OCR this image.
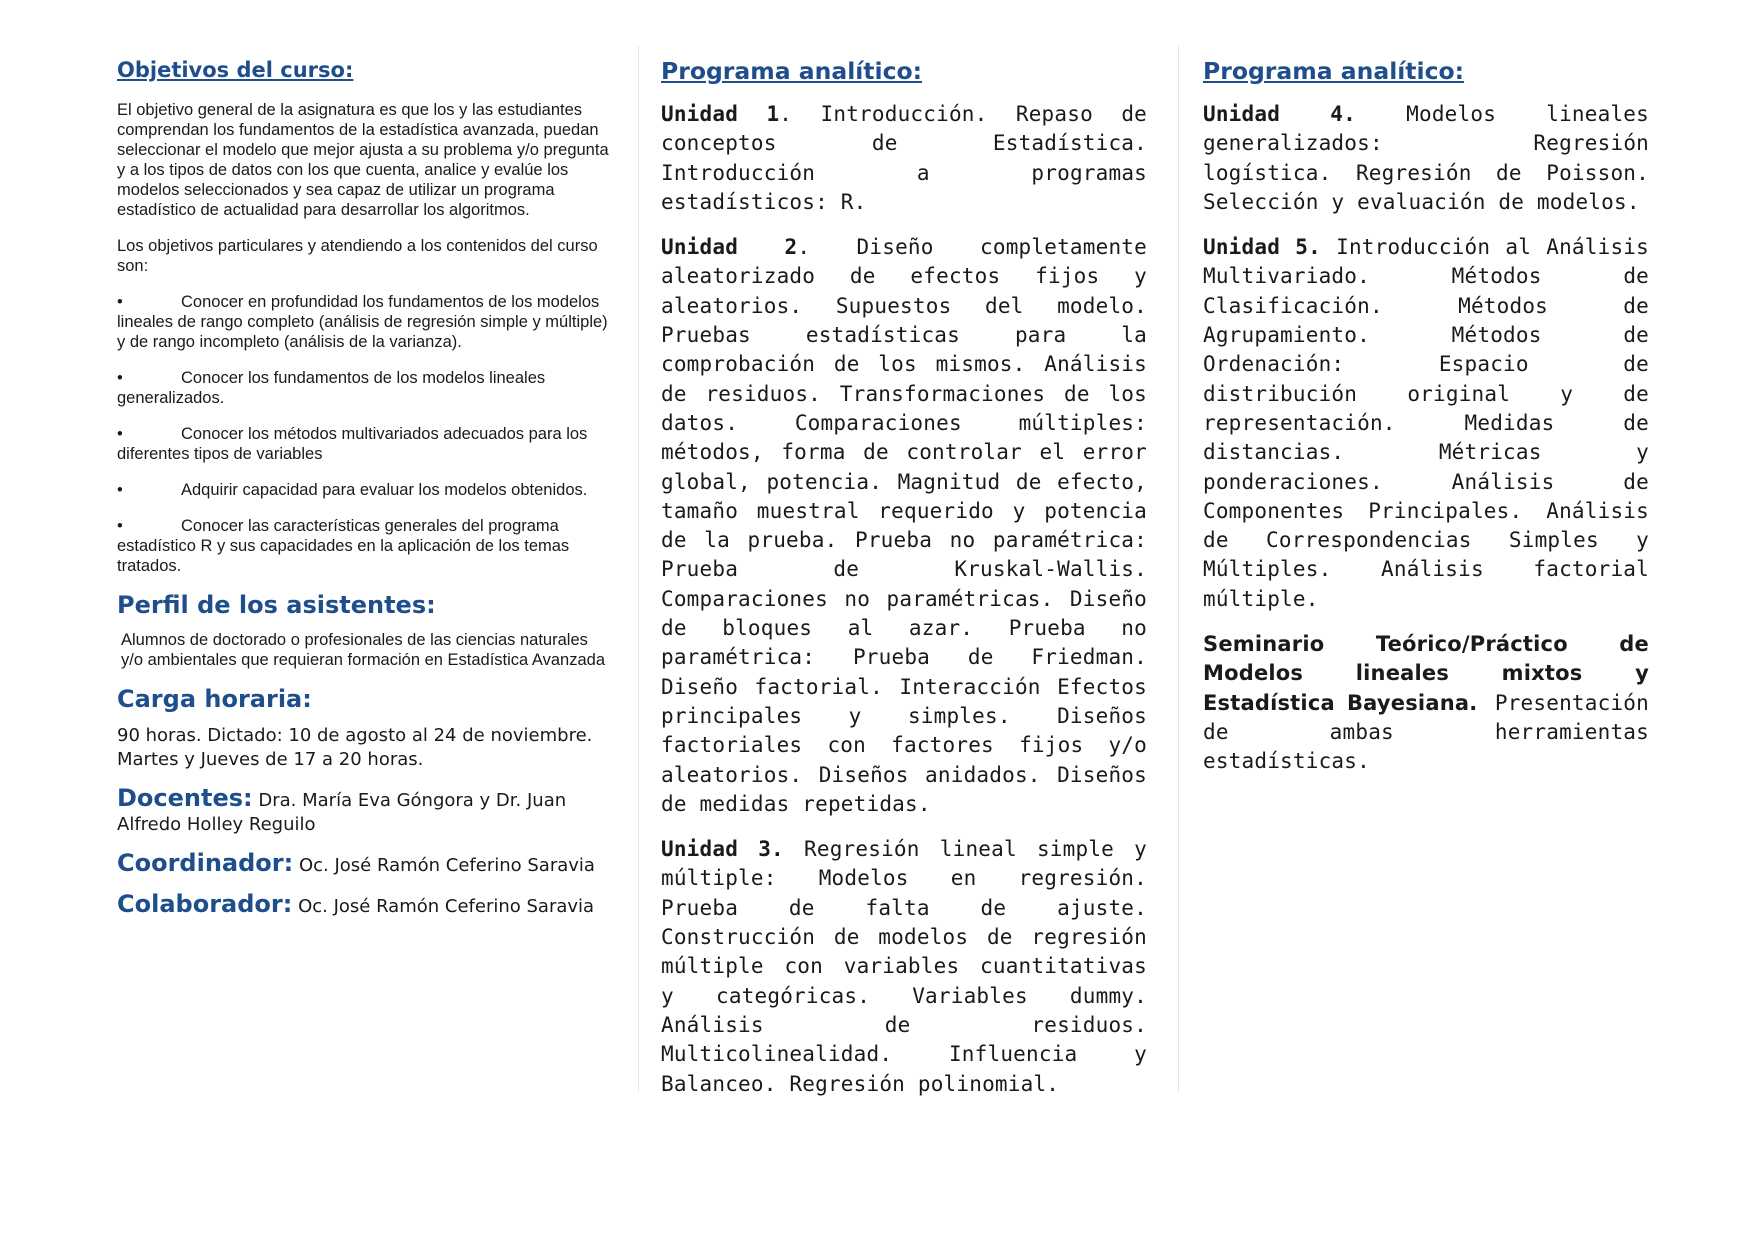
Objetivos del curso:

El objetivo general de la asignatura es que los y las estudiantes comprendan los fundamentos de la estadística avanzada, puedan seleccionar el modelo que mejor ajusta a su problema y/o pregunta y a los tipos de datos con los que cuenta, analice y evalúe los modelos seleccionados y sea capaz de utilizar un programa estadístico de actualidad para desarrollar los algoritmos.

Los objetivos particulares y atendiendo a los contenidos del curso son:

•	Conocer en profundidad los fundamentos de los modelos lineales de rango completo (análisis de regresión simple y múltiple) y de rango incompleto (análisis de la varianza).

•	Conocer los fundamentos de los modelos lineales generalizados.

•	Conocer los métodos multivariados adecuados para los diferentes tipos de variables

•	Adquirir capacidad para evaluar los modelos obtenidos.

•	Conocer las características generales del programa estadístico R y sus capacidades en la aplicación de los temas tratados.

Perfil de los asistentes:

Alumnos de doctorado o profesionales de las ciencias naturales y/o ambientales que requieran formación en Estadística Avanzada

Carga horaria:

90 horas. Dictado: 10 de agosto al 24 de noviembre. Martes y Jueves de 17 a 20 horas.

Docentes: Dra. María Eva Góngora y Dr. Juan Alfredo Holley Reguilo

Coordinador: Oc. José Ramón Ceferino Saravia

Colaborador: Oc. José Ramón Ceferino Saravia

Programa analítico:

Unidad 1. Introducción. Repaso de conceptos de Estadística. Introducción a programas estadísticos: R.

Unidad 2. Diseño completamente aleatorizado de efectos fijos y aleatorios. Supuestos del modelo. Pruebas estadísticas para la comprobación de los mismos. Análisis de residuos. Transformaciones de los datos. Comparaciones múltiples: métodos, forma de controlar el error global, potencia. Magnitud de efecto, tamaño muestral requerido y potencia de la prueba. Prueba no paramétrica: Prueba de Kruskal-Wallis. Comparaciones no paramétricas. Diseño de bloques al azar. Prueba no paramétrica: Prueba de Friedman. Diseño factorial. Interacción Efectos principales y simples. Diseños factoriales con factores fijos y/o aleatorios. Diseños anidados. Diseños de medidas repetidas.

Unidad 3. Regresión lineal simple y múltiple: Modelos en regresión. Prueba de falta de ajuste. Construcción de modelos de regresión múltiple con variables cuantitativas y categóricas. Variables dummy. Análisis de residuos. Multicolinealidad. Influencia y Balanceo. Regresión polinomial.

Programa analítico:

Unidad 4. Modelos lineales generalizados: Regresión logística. Regresión de Poisson. Selección y evaluación de modelos.

Unidad 5. Introducción al Análisis Multivariado. Métodos de Clasificación. Métodos de Agrupamiento. Métodos de Ordenación: Espacio de distribución original y de representación. Medidas de distancias. Métricas y ponderaciones. Análisis de Componentes Principales. Análisis de Correspondencias Simples y Múltiples. Análisis factorial múltiple.

Seminario Teórico/Práctico de Modelos lineales mixtos y Estadística Bayesiana. Presentación de ambas herramientas estadísticas.
